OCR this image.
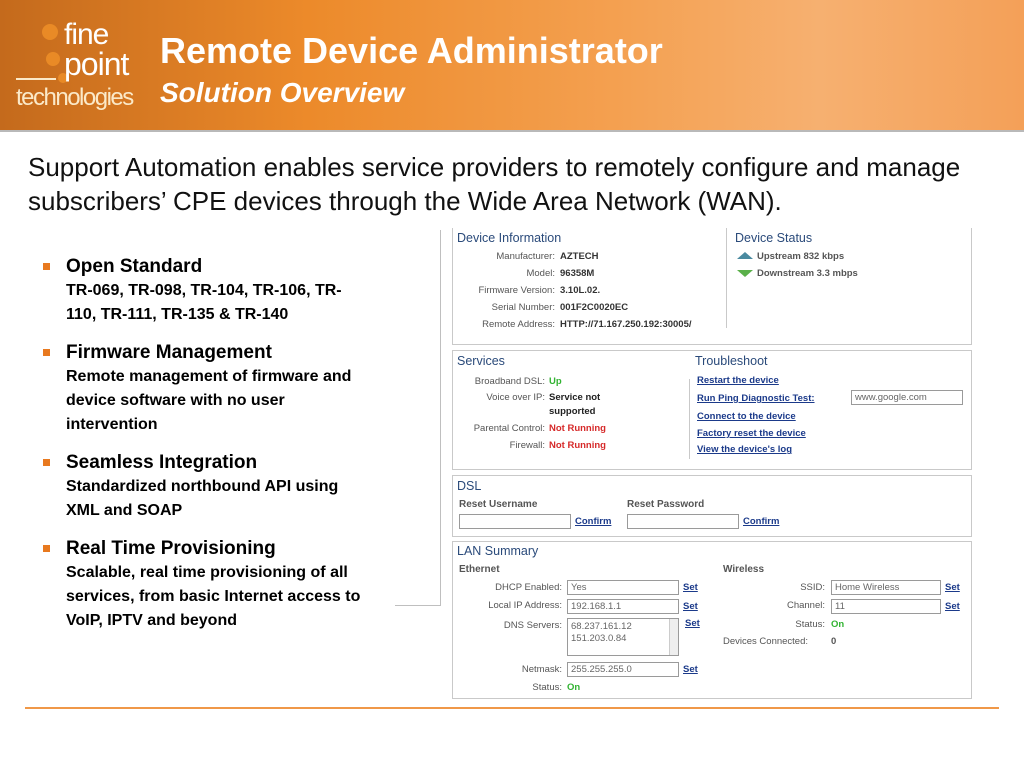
fine
point
technologies
Remote Device Administrator
Solution Overview
Support Automation enables service providers to remotely configure and manage subscribers’ CPE devices through the Wide Area Network (WAN).
Open Standard
TR-069, TR-098, TR-104, TR-106, TR-110, TR-111, TR-135 & TR-140
Firmware Management
Remote management of firmware and device software with no user intervention
Seamless Integration
Standardized northbound API using XML and SOAP
Real Time Provisioning
Scalable, real time provisioning of all services, from basic Internet access to VoIP, IPTV and beyond
Device Information
Manufacturer: AZTECH
Model: 96358M
Firmware Version: 3.10L.02.
Serial Number: 001F2C0020EC
Remote Address: HTTP://71.167.250.192:30005/
Device Status
Upstream 832 kbps
Downstream 3.3 mbps
Services
Broadband DSL: Up
Voice over IP: Service not
supported
Parental Control: Not Running
Firewall: Not Running
Troubleshoot
Restart the device
Run Ping Diagnostic Test:	www.google.com
Connect to the device
Factory reset the device
View the device's log
DSL
Reset Username
Confirm
Reset Password
Confirm
LAN Summary
Ethernet
DHCP Enabled: Yes	Set
Local IP Address: 192.168.1.1	Set
DNS Servers: 68.237.161.12
151.203.0.84
Set
Netmask: 255.255.255.0	Set
Status: On
Wireless
SSID:	Home Wireless	Set
Channel:	11	Set
Status: On
Devices Connected: 0
